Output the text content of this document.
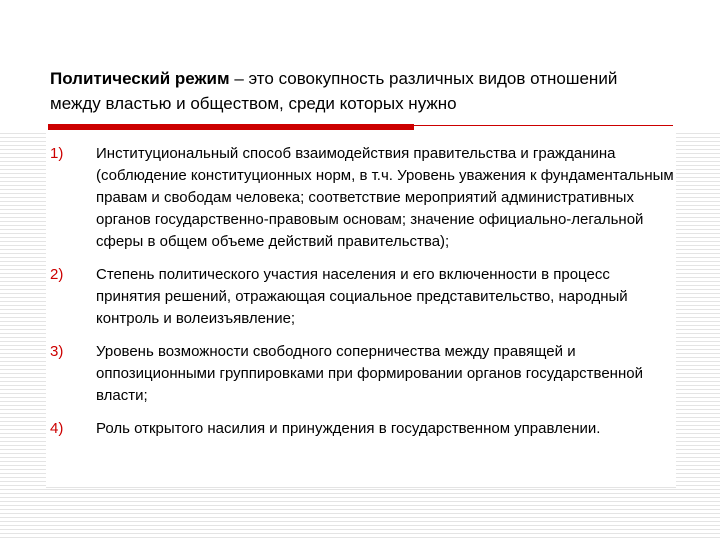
Политический режим – это совокупность различных видов отношений между властью и обществом, среди которых нужно
1)	Институциональный способ взаимодействия правительства и гражданина (соблюдение конституционных норм, в т.ч. Уровень уважения к фундаментальным правам и свободам человека; соответствие мероприятий административных органов государственно-правовым основам; значение официально-легальной сферы в общем объеме действий правительства);
2)	Степень политического участия населения и его включенности в процесс принятия решений, отражающая социальное представительство, народный контроль и волеизъявление;
3)	Уровень возможности свободного соперничества между правящей и оппозиционными группировками при формировании органов государственной власти;
4)	Роль открытого насилия и принуждения в государственном управлении.
